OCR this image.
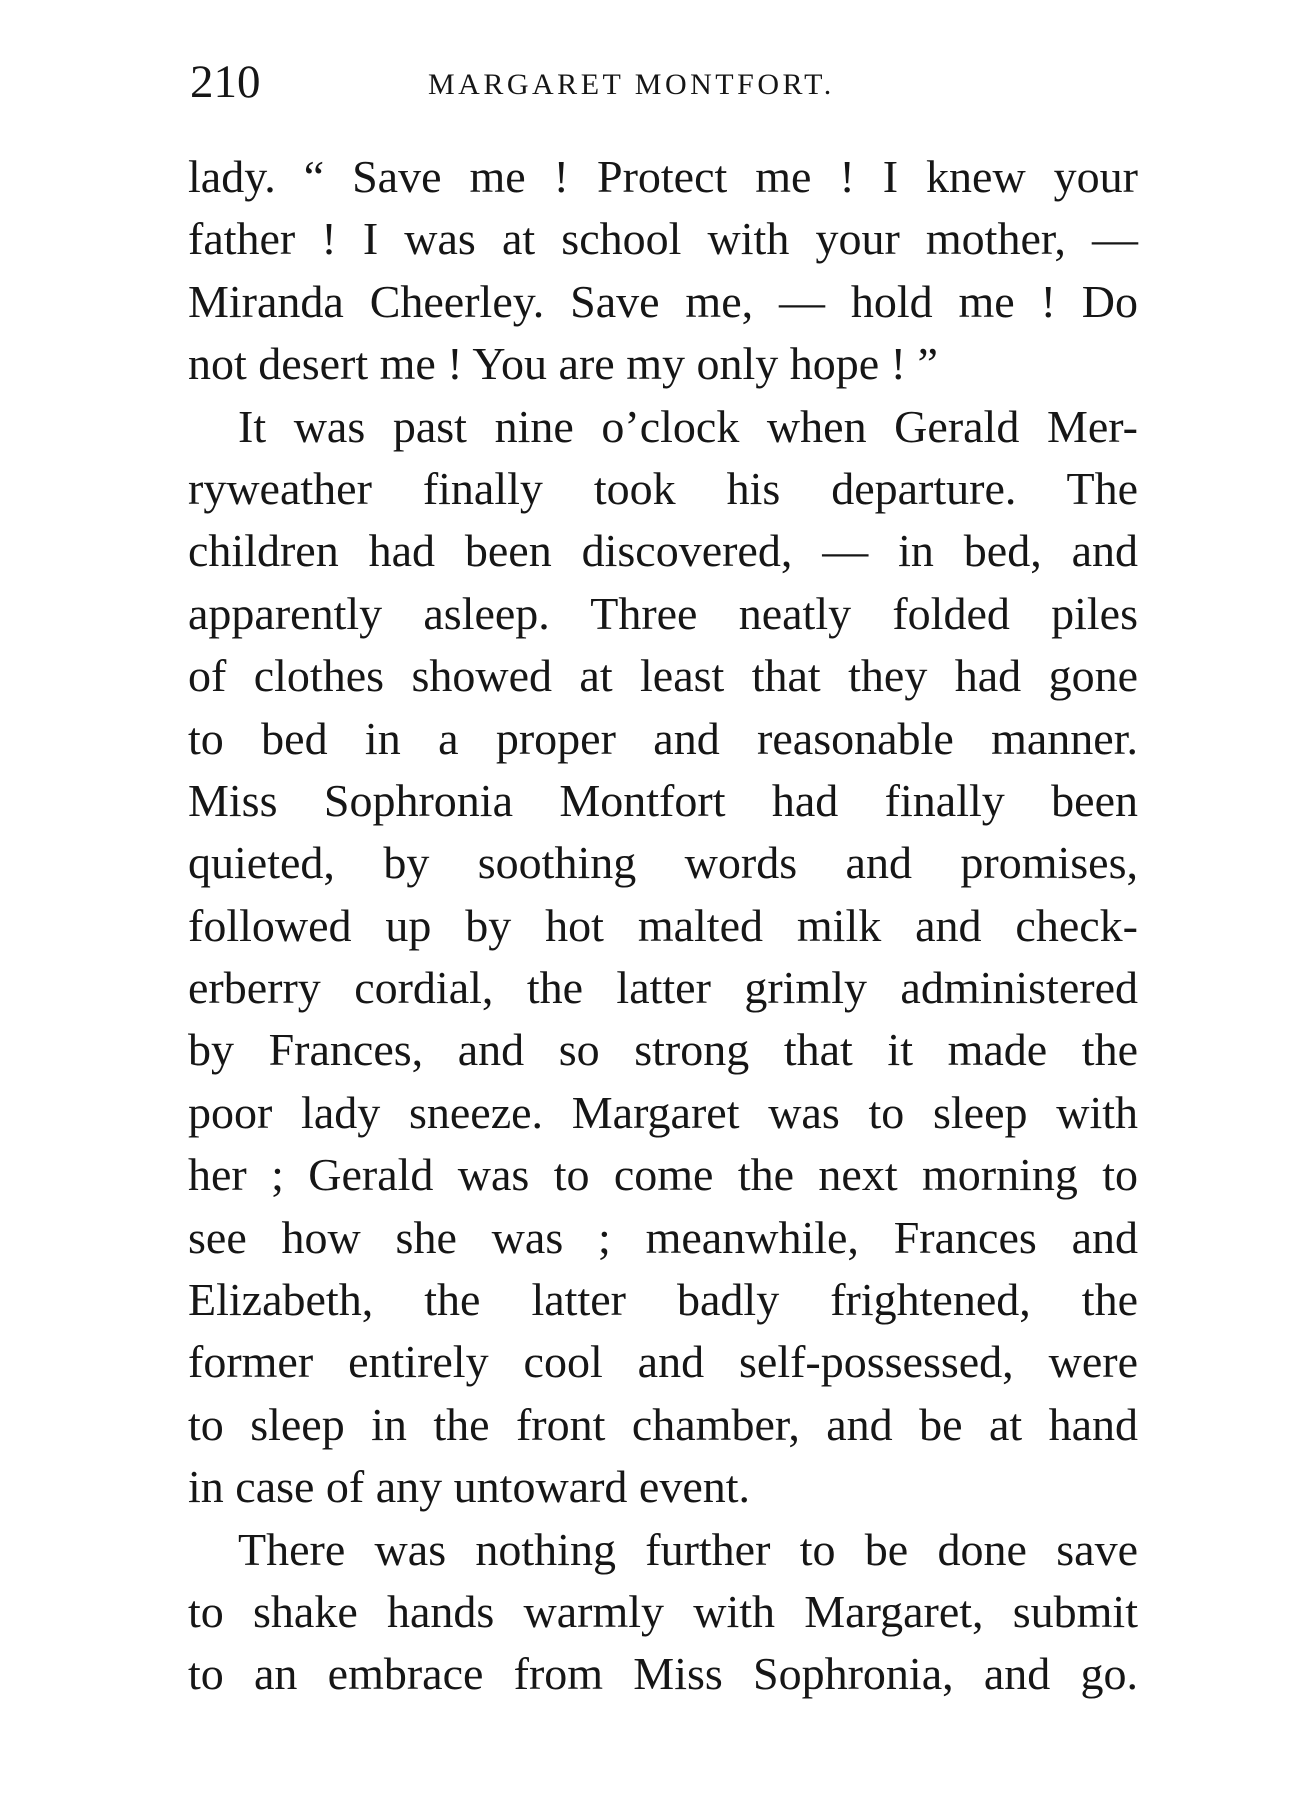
210	MARGARET MONTFORT.
lady. “ Save me ! Protect me ! I knew your
father ! I was at school with your mother, —
Miranda Cheerley. Save me, — hold me ! Do
not desert me ! You are my only hope ! ”
It was past nine o’clock when Gerald Mer-
ryweather finally took his departure. The
children had been discovered, — in bed, and
apparently asleep. Three neatly folded piles
of clothes showed at least that they had gone
to bed in a proper and reasonable manner.
Miss Sophronia Montfort had finally been
quieted, by soothing words and promises,
followed up by hot malted milk and check-
erberry cordial, the latter grimly administered
by Frances, and so strong that it made the
poor lady sneeze. Margaret was to sleep with
her ; Gerald was to come the next morning to
see how she was ; meanwhile, Frances and
Elizabeth, the latter badly frightened, the
former entirely cool and self-possessed, were
to sleep in the front chamber, and be at hand
in case of any untoward event.
There was nothing further to be done save
to shake hands warmly with Margaret, submit
to an embrace from Miss Sophronia, and go.
